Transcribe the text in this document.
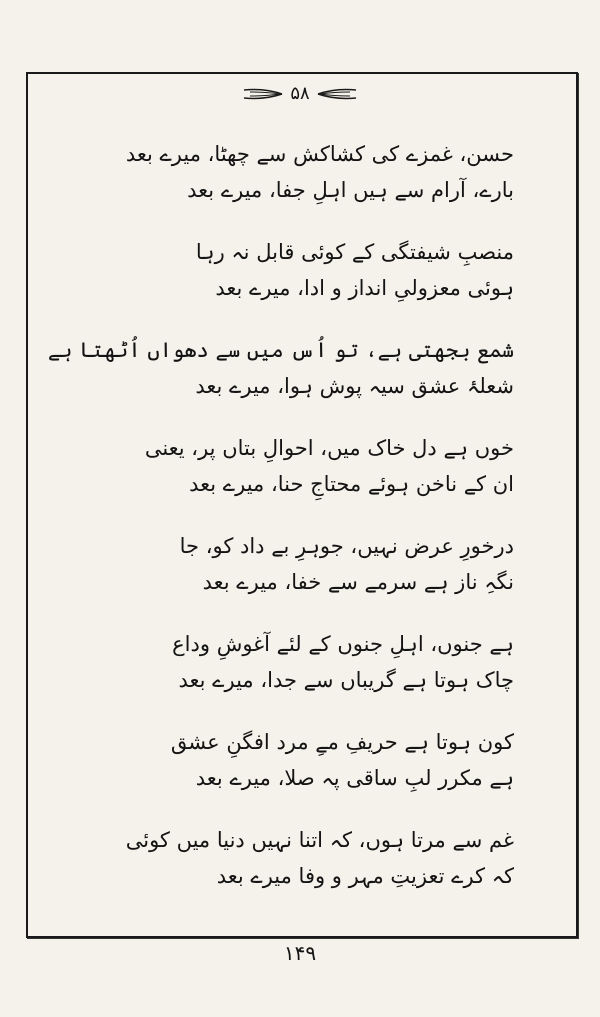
۵۸
حسن، غمزے کی کشاکش سے چھٹا، میرے بعد
بارے، آرام سے ہیں اہلِ جفا، میرے بعد
منصبِ شیفتگی کے کوئی قابل نہ رہا
ہوئی معزولیِ انداز و ادا، میرے بعد
شمع بجھتی ہے، تو اُس میں سے دھواں اُٹھتا ہے
شعلۂ عشق سیہ پوش ہوا، میرے بعد
خوں ہے دل خاک میں، احوالِ بتاں پر، یعنی
ان کے ناخن ہوئے محتاجِ حنا، میرے بعد
درخورِ عرض نہیں، جوہرِ بے داد کو، جا
نگہِ ناز ہے سرمے سے خفا، میرے بعد
ہے جنوں، اہلِ جنوں کے لئے آغوشِ وداع
چاک ہوتا ہے گریباں سے جدا، میرے بعد
کون ہوتا ہے حریفِ مےِ مرد افگنِ عشق
ہے مکرر لبِ ساقی پہ صلا، میرے بعد
غم سے مرتا ہوں، کہ اتنا نہیں دنیا میں کوئی
کہ کرے تعزیتِ مہر و وفا میرے بعد
۱۴۹
